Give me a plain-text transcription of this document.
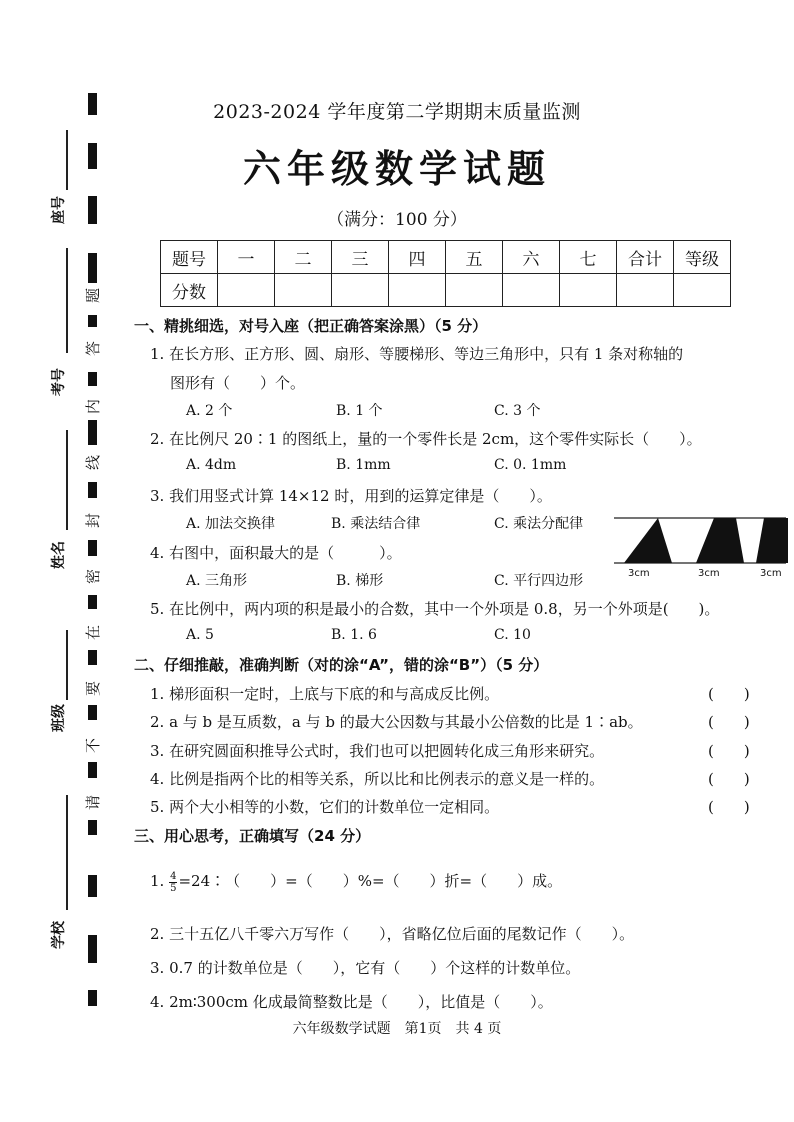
座号
考号
姓名
班级
学校
题
答
内
线
封
密
在
要
不
请
2023-2024 学年度第二学期期末质量监测
六年级数学试题
（满分：100 分）
题号	一	二	三	四	五	六	七	合计	等级
分数									
一、精挑细选，对号入座（把正确答案涂黑）（5 分）
1. 在长方形、正方形、圆、扇形、等腰梯形、等边三角形中，只有 1 条对称轴的
图形有（　　）个。
A. 2 个	B. 1 个	C. 3 个
2. 在比例尺 20∶1 的图纸上，量的一个零件长是 2cm，这个零件实际长（　　）。
A. 4dm	B. 1mm	C. 0. 1mm
3. 我们用竖式计算 14×12 时，用到的运算定律是（　　）。
A. 加法交换律	B. 乘法结合律	C. 乘法分配律
4. 右图中，面积最大的是（　　　）。
A. 三角形	B. 梯形	C. 平行四边形	3cm	3cm	3cm
5. 在比例中，两内项的积是最小的合数，其中一个外项是 0.8，另一个外项是(　　)。
A. 5	B. 1. 6	C. 10
二、仔细推敲，准确判断（对的涂“A”，错的涂“B”）（5 分）
1. 梯形面积一定时，上底与下底的和与高成反比例。	(　　)
2. a 与 b 是互质数，a 与 b 的最大公因数与其最小公倍数的比是 1∶ab。	(　　)
3. 在研究圆面积推导公式时，我们也可以把圆转化成三角形来研究。	(　　)
4. 比例是指两个比的相等关系，所以比和比例表示的意义是一样的。	(　　)
5. 两个大小相等的小数，它们的计数单位一定相同。	(　　)
三、用心思考，正确填写（24 分）
1. $\frac{4}{5}$ =24∶（　　）=（　　）%=（　　）折=（　　）成。
2. 三十五亿八千零六万写作（　　），省略亿位后面的尾数记作（　　）。
3. 0.7 的计数单位是（　　），它有（　　）个这样的计数单位。
4. 2m∶300cm 化成最简整数比是（　　），比值是（　　）。
六年级数学试题　第1页　共 4 页
